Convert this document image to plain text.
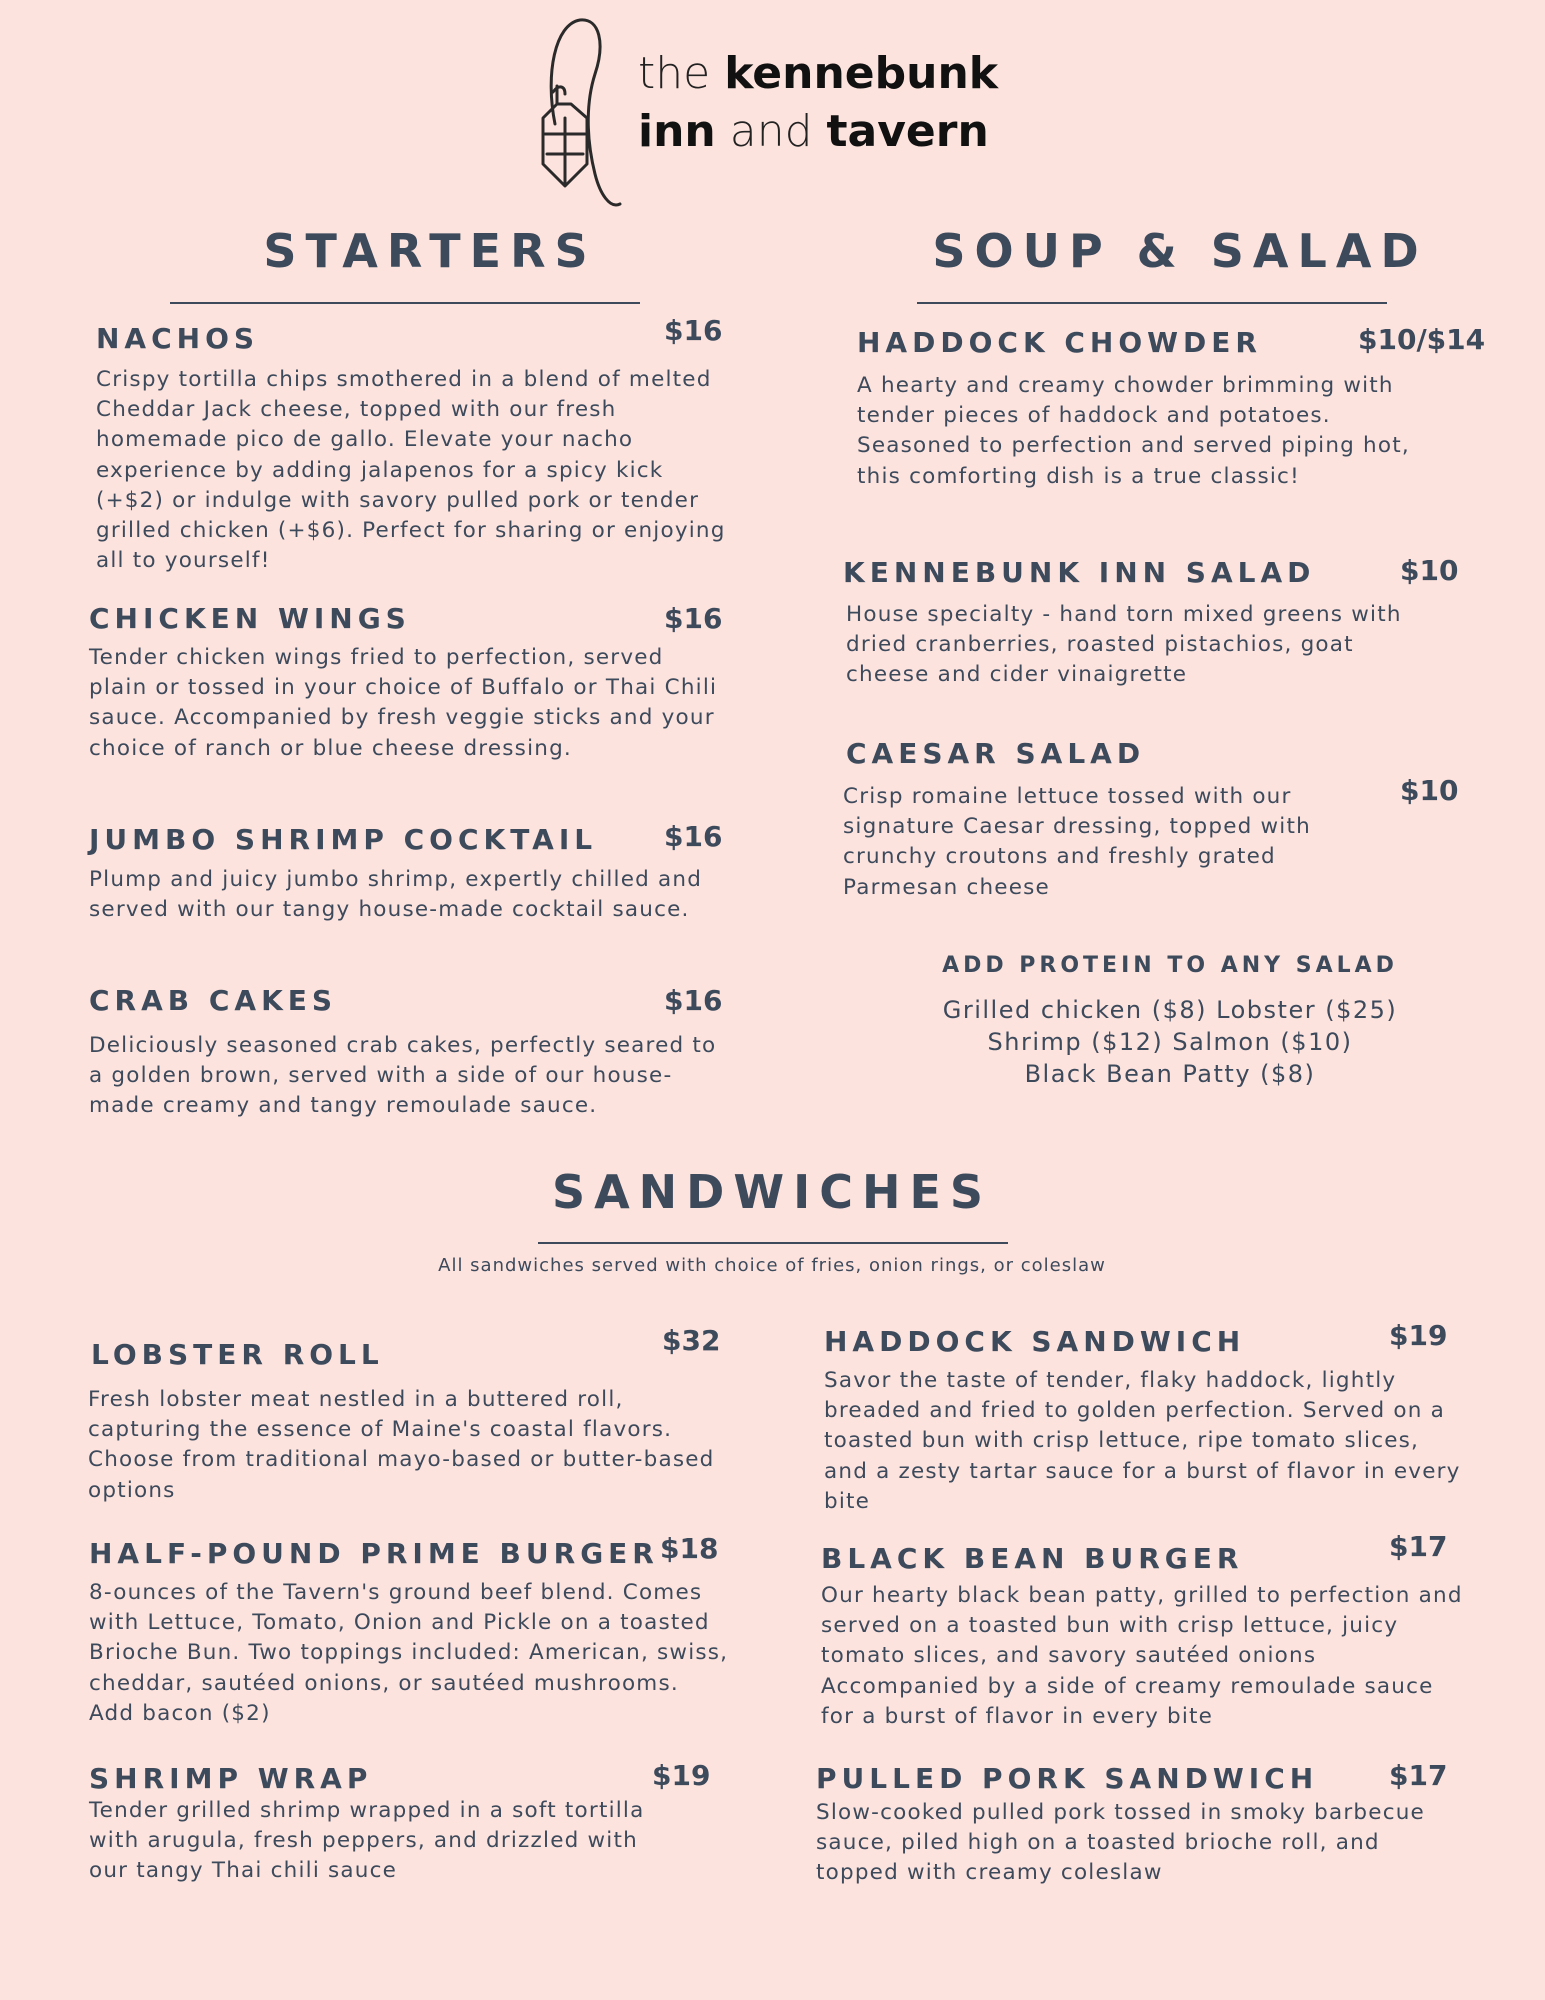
the kennebunk
inn and tavern
STARTERS
NACHOS	$16
Crispy tortilla chips smothered in a blend of melted Cheddar Jack cheese, topped with our fresh homemade pico de gallo. Elevate your nacho experience by adding jalapenos for a spicy kick (+$2) or indulge with savory pulled pork or tender grilled chicken (+$6). Perfect for sharing or enjoying all to yourself!
CHICKEN WINGS	$16
Tender chicken wings fried to perfection, served plain or tossed in your choice of Buffalo or Thai Chili sauce. Accompanied by fresh veggie sticks and your choice of ranch or blue cheese dressing.
JUMBO SHRIMP COCKTAIL $16
Plump and juicy jumbo shrimp, expertly chilled and served with our tangy house-made cocktail sauce.
CRAB CAKES	$16
Deliciously seasoned crab cakes, perfectly seared to a golden brown, served with a side of our house-made creamy and tangy remoulade sauce.
SOUP & SALAD
HADDOCK CHOWDER	$10/$14
A hearty and creamy chowder brimming with tender pieces of haddock and potatoes. Seasoned to perfection and served piping hot, this comforting dish is a true classic!
KENNEBUNK INN SALAD	$10
House specialty - hand torn mixed greens with dried cranberries, roasted pistachios, goat cheese and cider vinaigrette
CAESAR SALAD
$10
Crisp romaine lettuce tossed with our signature Caesar dressing, topped with crunchy croutons and freshly grated Parmesan cheese
ADD PROTEIN TO ANY SALAD
Grilled chicken ($8) Lobster ($25)
Shrimp ($12) Salmon ($10)
Black Bean Patty ($8)
SANDWICHES
All sandwiches served with choice of fries, onion rings, or coleslaw
LOBSTER ROLL	$32
Fresh lobster meat nestled in a buttered roll, capturing the essence of Maine's coastal flavors. Choose from traditional mayo-based or butter-based options
HALF-POUND PRIME BURGER $18
8-ounces of the Tavern's ground beef blend. Comes with Lettuce, Tomato, Onion and Pickle on a toasted Brioche Bun. Two toppings included: American, swiss, cheddar, sautéed onions, or sautéed mushrooms. Add bacon ($2)
SHRIMP WRAP	$19
Tender grilled shrimp wrapped in a soft tortilla with arugula, fresh peppers, and drizzled with our tangy Thai chili sauce
HADDOCK SANDWICH	$19
Savor the taste of tender, flaky haddock, lightly breaded and fried to golden perfection. Served on a toasted bun with crisp lettuce, ripe tomato slices, and a zesty tartar sauce for a burst of flavor in every bite
BLACK BEAN BURGER	$17
Our hearty black bean patty, grilled to perfection and served on a toasted bun with crisp lettuce, juicy tomato slices, and savory sautéed onions Accompanied by a side of creamy remoulade sauce for a burst of flavor in every bite
PULLED PORK SANDWICH	$17
Slow-cooked pulled pork tossed in smoky barbecue sauce, piled high on a toasted brioche roll, and topped with creamy coleslaw
